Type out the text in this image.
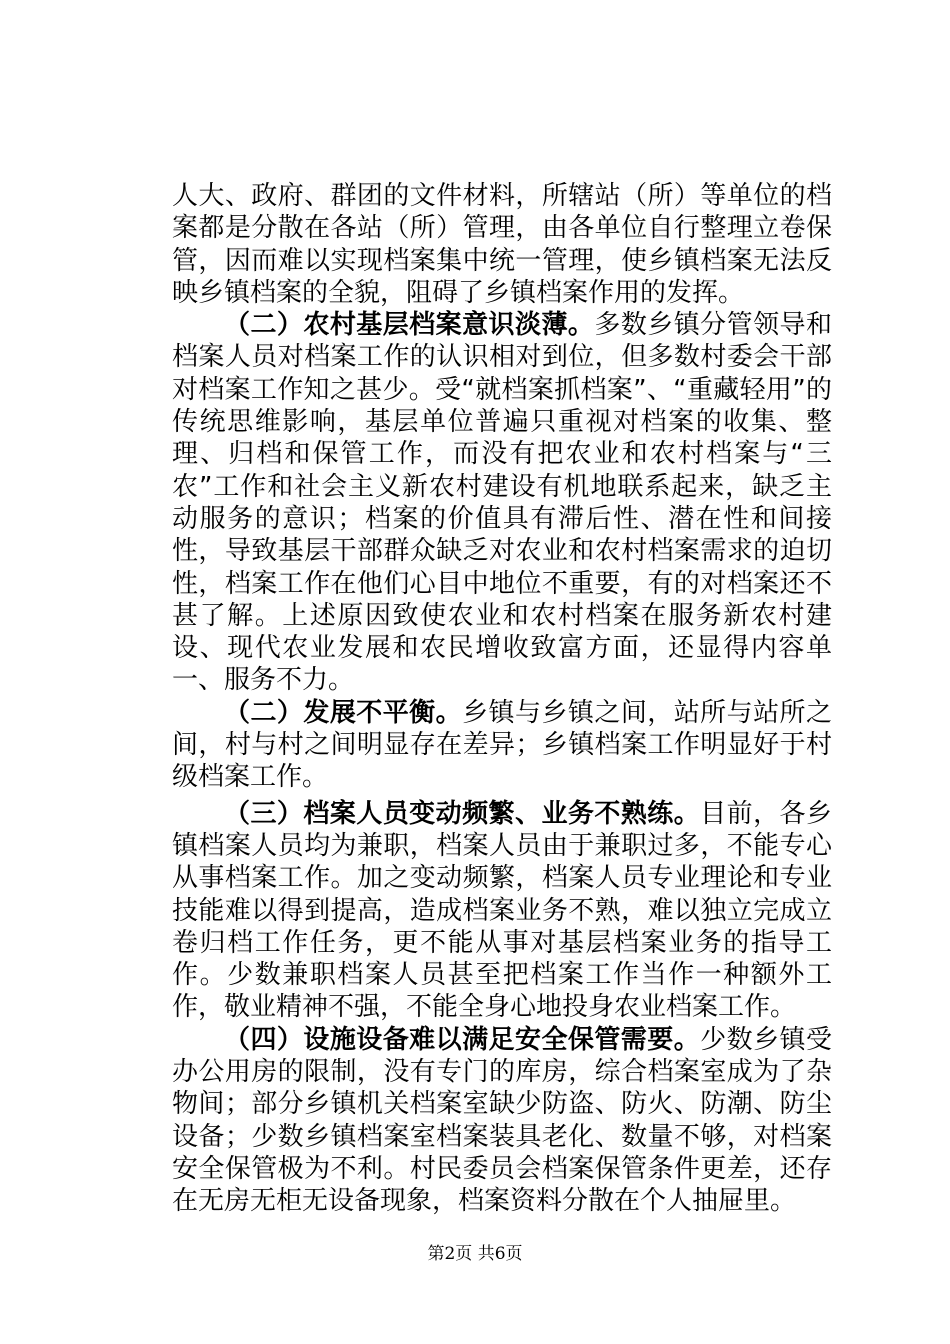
人大、政府、群团的文件材料，所辖站（所）等单位的档案都是分散在各站（所）管理，由各单位自行整理立卷保管，因而难以实现档案集中统一管理，使乡镇档案无法反映乡镇档案的全貌，阻碍了乡镇档案作用的发挥。

（二）农村基层档案意识淡薄。多数乡镇分管领导和档案人员对档案工作的认识相对到位，但多数村委会干部对档案工作知之甚少。受“就档案抓档案”、“重藏轻用”的传统思维影响，基层单位普遍只重视对档案的收集、整理、归档和保管工作，而没有把农业和农村档案与“三农”工作和社会主义新农村建设有机地联系起来，缺乏主动服务的意识；档案的价值具有滞后性、潜在性和间接性，导致基层干部群众缺乏对农业和农村档案需求的迫切性，档案工作在他们心目中地位不重要，有的对档案还不甚了解。上述原因致使农业和农村档案在服务新农村建设、现代农业发展和农民增收致富方面，还显得内容单一、服务不力。

（二）发展不平衡。乡镇与乡镇之间，站所与站所之间，村与村之间明显存在差异；乡镇档案工作明显好于村级档案工作。

（三）档案人员变动频繁、业务不熟练。目前，各乡镇档案人员均为兼职，档案人员由于兼职过多，不能专心从事档案工作。加之变动频繁，档案人员专业理论和专业技能难以得到提高，造成档案业务不熟，难以独立完成立卷归档工作任务，更不能从事对基层档案业务的指导工作。少数兼职档案人员甚至把档案工作当作一种额外工作，敬业精神不强，不能全身心地投身农业档案工作。

（四）设施设备难以满足安全保管需要。少数乡镇受办公用房的限制，没有专门的库房，综合档案室成为了杂物间；部分乡镇机关档案室缺少防盗、防火、防潮、防尘设备；少数乡镇档案室档案装具老化、数量不够，对档案安全保管极为不利。村民委员会档案保管条件更差，还存在无房无柜无设备现象，档案资料分散在个人抽屉里。

第2页 共6页
